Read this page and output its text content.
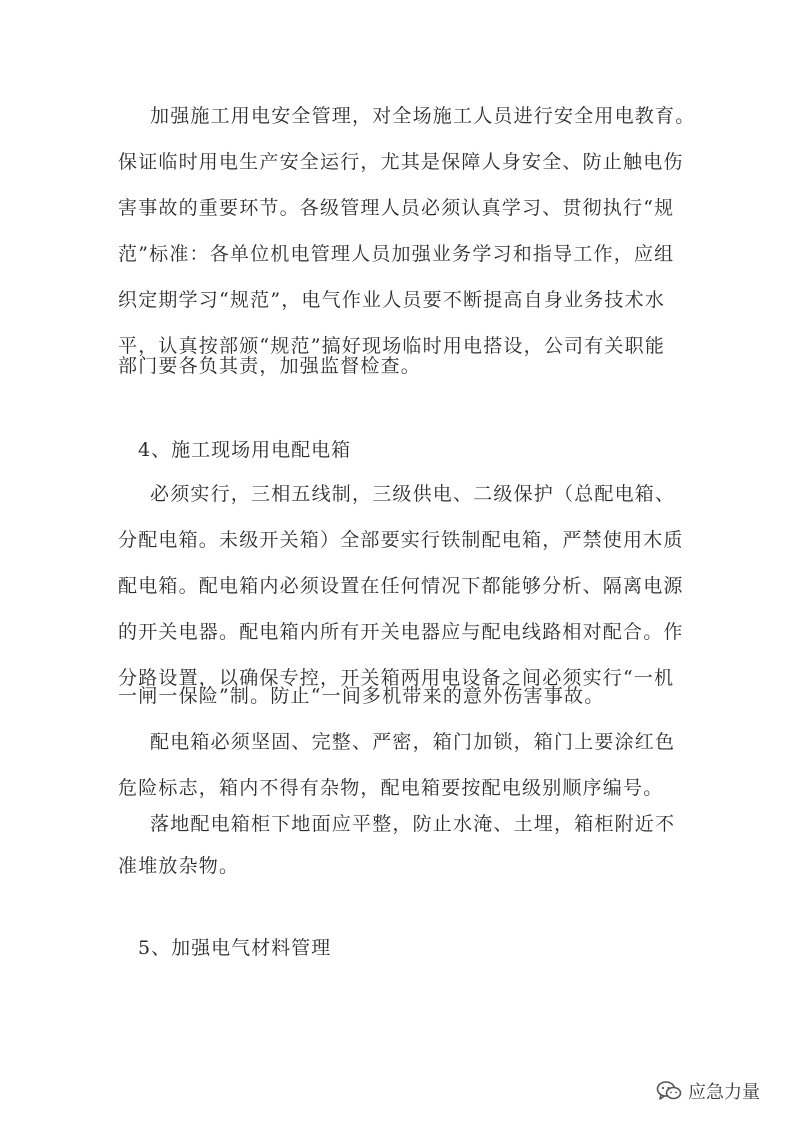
加强施工用电安全管理，对全场施工人员进行安全用电教育。
保证临时用电生产安全运行，尤其是保障人身安全、防止触电伤
害事故的重要环节。各级管理人员必须认真学习、贯彻执行“规
范”标准：各单位机电管理人员加强业务学习和指导工作，应组
织定期学习“规范”，电气作业人员要不断提高自身业务技术水
平，认真按部颁“规范”搞好现场临时用电搭设，公司有关职能
部门要各负其责，加强监督检查。
4、施工现场用电配电箱
必须实行，三相五线制，三级供电、二级保护（总配电箱、
分配电箱。未级开关箱）全部要实行铁制配电箱，严禁使用木质
配电箱。配电箱内必须设置在任何情况下都能够分析、隔离电源
的开关电器。配电箱内所有开关电器应与配电线路相对配合。作
分路设置，以确保专控，开关箱两用电设备之间必须实行“一机
一闸一保险”制。防止“一间多机带来的意外伤害事故。
配电箱必须坚固、完整、严密，箱门加锁，箱门上要涂红色
危险标志，箱内不得有杂物，配电箱要按配电级别顺序编号。
落地配电箱柜下地面应平整，防止水淹、土埋，箱柜附近不
准堆放杂物。
5、加强电气材料管理
应急力量
